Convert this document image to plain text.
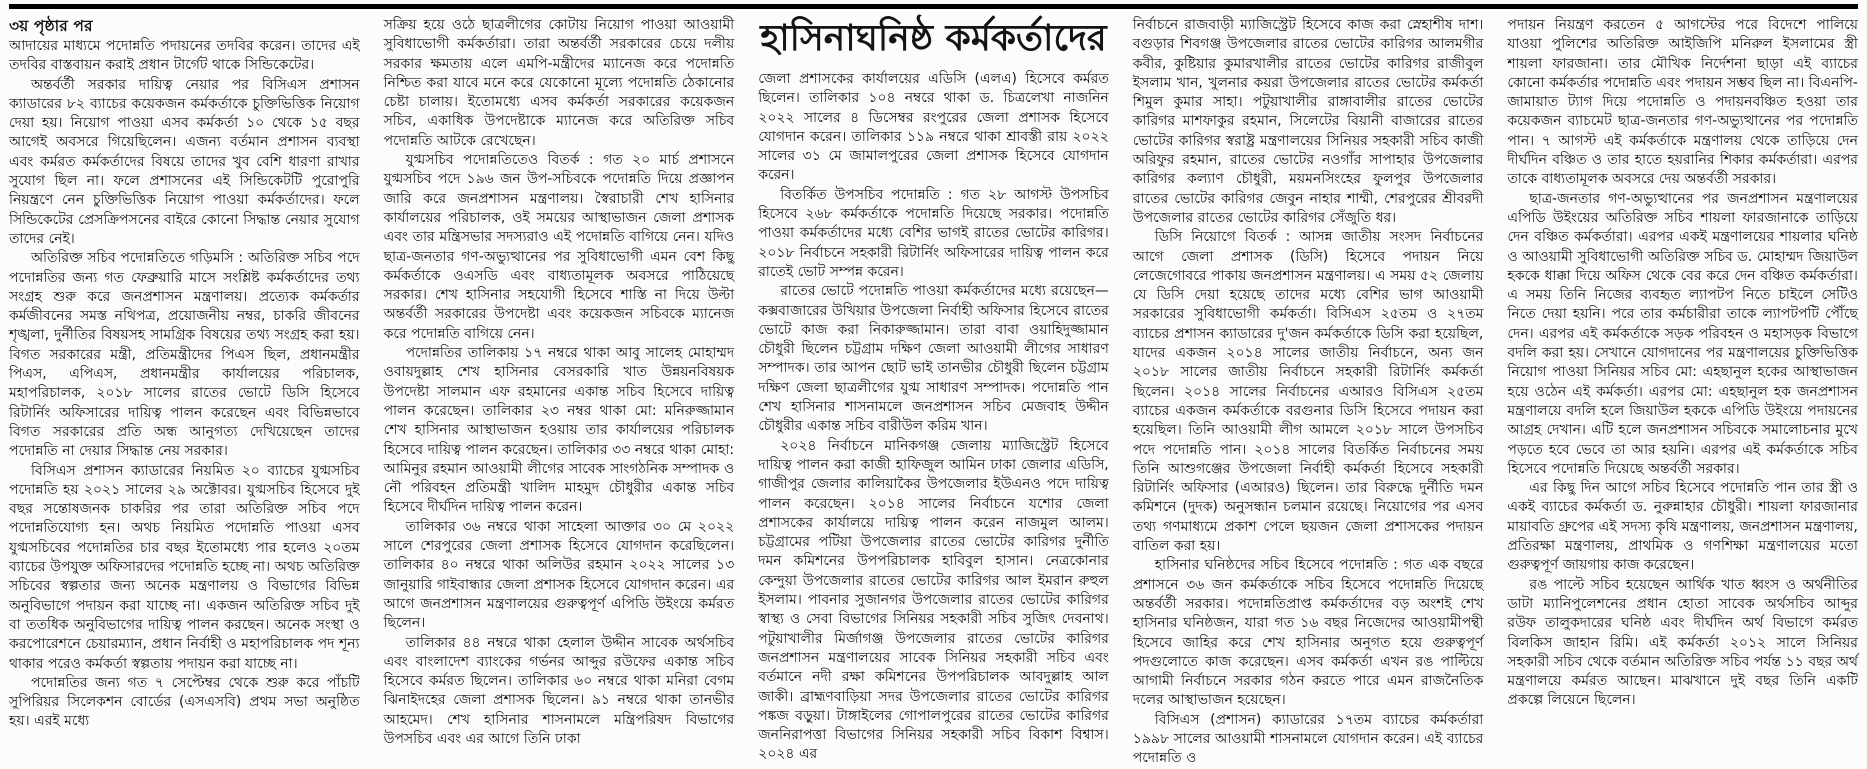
৩য় পৃষ্ঠার পর

আদায়ের মাধ্যমে পদোন্নতি পদায়নের তদবির করেন। তাদের এই তদবির বাস্তবায়ন করাই প্রধান টার্গেট থাকে সিন্ডিকেটের।

অন্তর্বর্তী সরকার দায়িত্ব নেয়ার পর বিসিএস প্রশাসন ক্যাডারের ৮২ ব্যাচের কয়েকজন কর্মকর্তাকে চুক্তিভিত্তিক নিয়োগ দেয়া হয়। নিয়োগ পাওয়া এসব কর্মকর্তা ১০ থেকে ১৫ বছর আগেই অবসরে গিয়েছিলেন। এজন্য বর্তমান প্রশাসন ব্যবস্থা এবং কর্মরত কর্মকর্তাদের বিষয়ে তাদের খুব বেশি ধারণা রাখার সুযোগ ছিল না। ফলে প্রশাসনের এই সিন্ডিকেটটি পুরোপুরি নিয়ন্ত্রণে নেন চুক্তিভিত্তিক নিয়োগ পাওয়া কর্মকর্তাদের। ফলে সিন্ডিকেটের প্রেসক্রিপসনের বাইরে কোনো সিদ্ধান্ত নেয়ার সুযোগ তাদের নেই।

অতিরিক্ত সচিব পদোন্নতিতে গড়িমসি : অতিরিক্ত সচিব পদে পদোন্নতির জন্য গত ফেব্রুয়ারি মাসে সংশ্লিষ্ট কর্মকর্তাদের তথ্য সংগ্রহ শুরু করে জনপ্রশাসন মন্ত্রণালয়। প্রত্যেক কর্মকর্তার কর্মজীবনের সমস্ত নথিপত্র, প্রয়োজনীয় নম্বর, চাকরি জীবনের শৃঙ্খলা, দুর্নীতির বিষয়সহ সামগ্রিক বিষয়ের তথ্য সংগ্রহ করা হয়। বিগত সরকারের মন্ত্রী, প্রতিমন্ত্রীদের পিএস ছিল, প্রধানমন্ত্রীর পিএস, এপিএস, প্রধানমন্ত্রীর কার্যালয়ের পরিচালক, মহাপরিচালক, ২০১৮ সালের রাতের ভোটে ডিসি হিসেবে রিটার্নিং অফিসারের দায়িত্ব পালন করেছেন এবং বিভিন্নভাবে বিগত সরকারের প্রতি অন্ধ আনুগত্য দেখিয়েছেন তাদের পদোন্নতি না দেয়ার সিদ্ধান্ত নেয় সরকার।

বিসিএস প্রশাসন ক্যাডারের নিয়মিত ২০ ব্যাচের যুগ্মসচিব পদোন্নতি হয় ২০২১ সালের ২৯ অক্টোবর। যুগ্মসচিব হিসেবে দুই বছর সন্তোষজনক চাকরির পর তারা অতিরিক্ত সচিব পদে পদোন্নতিযোগ্য হন। অথচ নিয়মিত পদোন্নতি পাওয়া এসব যুগ্মসচিবের পদোন্নতির চার বছর ইতোমধ্যে পার হলেও ২০তম ব্যাচের উপযুক্ত অফিসারদের পদোন্নতি হচ্ছে না। অথচ অতিরিক্ত সচিবের স্বল্পতার জন্য অনেক মন্ত্রণালয় ও বিভাগের বিভিন্ন অনুবিভাগে পদায়ন করা যাচ্ছে না। একজন অতিরিক্ত সচিব দুই বা ততধিক অনুবিভাগের দায়িত্ব পালন করছেন। অনেক সংস্থা ও করপোরেশনে চেয়ারম্যান, প্রধান নির্বাহী ও মহাপরিচালক পদ শূন্য থাকার পরেও কর্মকর্তা স্বল্পতায় পদায়ন করা যাচ্ছে না।

পদোন্নতির জন্য গত ৭ সেপ্টেম্বর থেকে শুরু করে পাঁচটি সুপিরিয়র সিলেকশন বোর্ডের (এসএসবি) প্রথম সভা অনুষ্ঠিত হয়। এরই মধ্যে

সক্রিয় হয়ে ওঠে ছাত্রলীগের কোটায় নিয়োগ পাওয়া আওয়ামী সুবিধাভোগী কর্মকর্তারা। তারা অন্তর্বর্তী সরকারের চেয়ে দলীয় সরকার ক্ষমতায় এলে এমপি-মন্ত্রীদের ম্যানেজ করে পদোন্নতি নিশ্চিত করা যাবে মনে করে যেকোনো মূল্যে পদোন্নতি ঠেকানোর চেষ্টা চালায়। ইতোমধ্যে এসব কর্মকর্তা সরকারের কয়েকজন সচিব, একাধিক উপদেষ্টাকে ম্যানেজ করে অতিরিক্ত সচিব পদোন্নতি আটকে রেখেছেন।

যুগ্মসচিব পদোন্নতিতেও বিতর্ক : গত ২০ মার্চ প্রশাসনে যুগ্মসচিব পদে ১৯৬ জন উপ-সচিবকে পদোন্নতি দিয়ে প্রজ্ঞাপন জারি করে জনপ্রশাসন মন্ত্রণালয়। স্বৈরাচারী শেখ হাসিনার কার্যালয়ের পরিচালক, ওই সময়ের আস্থাভাজন জেলা প্রশাসক এবং তার মন্ত্রিসভার সদস্যরাও এই পদোন্নতি বাগিয়ে নেন। যদিও ছাত্র-জনতার গণ-অভ্যুত্থানের পর সুবিধাভোগী এমন বেশ কিছু কর্মকর্তাকে ওএসডি এবং বাধ্যতামূলক অবসরে পাঠিয়েছে সরকার। শেখ হাসিনার সহযোগী হিসেবে শাস্তি না দিয়ে উল্টা অন্তর্বর্তী সরকারের উপদেষ্টা এবং কয়েকজন সচিবকে ম্যানেজ করে পদোন্নতি বাগিয়ে নেন।

পদোন্নতির তালিকায় ১৭ নম্বরে থাকা আবু সালেহ মোহাম্মদ ওবায়দুল্লাহ শেখ হাসিনার বেসরকারি খাত উন্নয়নবিষয়ক উপদেষ্টা সালমান এফ রহমানের একান্ত সচিব হিসেবে দায়িত্ব পালন করেছেন। তালিকার ২৩ নম্বর থাকা মো: মনিরুজ্জামান শেখ হাসিনার আস্থাভাজন হওয়ায় তার কার্যালয়ের পরিচালক হিসেবে দায়িত্ব পালন করেছেন। তালিকার ৩৩ নম্বরে থাকা মোহা: আমিনুর রহমান আওয়ামী লীগের সাবেক সাংগঠনিক সম্পাদক ও নৌ পরিবহন প্রতিমন্ত্রী খালিদ মাহমুদ চৌধুরীর একান্ত সচিব হিসেবে দীর্ঘদিন দায়িত্ব পালন করেন।

তালিকার ৩৬ নম্বরে থাকা সাহেলা আক্তার ৩০ মে ২০২২ সালে শেরপুরের জেলা প্রশাসক হিসেবে যোগদান করেছিলেন। তালিকার ৪০ নম্বরে থাকা অলিউর রহমান ২০২২ সালের ১৩ জানুয়ারি গাইবান্ধার জেলা প্রশাসক হিসেবে যোগদান করেন। এর আগে জনপ্রশাসন মন্ত্রণালয়ের গুরুত্বপূর্ণ এপিডি উইংয়ে কর্মরত ছিলেন।

তালিকার ৪৪ নম্বরে থাকা হেলাল উদ্দীন সাবেক অর্থসচিব এবং বাংলাদেশ ব্যাংকের গর্ভনর আব্দুর রউফের একান্ত সচিব হিসেবে কর্মরত ছিলেন। তালিকার ৬০ নম্বরে থাকা মনিরা বেগম ঝিনাইদহের জেলা প্রশাসক ছিলেন। ৯১ নম্বরে থাকা তানভীর আহমেদ। শেখ হাসিনার শাসনামলে মন্ত্রিপরিষদ বিভাগের উপসচিব এবং এর আগে তিনি ঢাকা

হাসিনাঘনিষ্ঠ কর্মকর্তাদের

জেলা প্রশাসকের কার্যালয়ের এডিসি (এলএ) হিসেবে কর্মরত ছিলেন। তালিকার ১০৪ নম্বরে থাকা ড. চিত্রলেখা নাজনিন ২০২২ সালের ৪ ডিসেম্বর রংপুরের জেলা প্রশাসক হিসেবে যোগদান করেন। তালিকার ১১৯ নম্বরে থাকা শ্রাবস্তী রায় ২০২২ সালের ৩১ মে জামালপুরের জেলা প্রশাসক হিসেবে যোগদান করেন।

বিতর্কিত উপসচিব পদোন্নতি : গত ২৮ আগস্ট উপসচিব হিসেবে ২৬৮ কর্মকর্তাকে পদোন্নতি দিয়েছে সরকার। পদোন্নতি পাওয়া কর্মকর্তাদের মধ্যে বেশির ভাগই রাতের ভোটের কারিগর। ২০১৮ নির্বাচনে সহকারী রিটার্নিং অফিসারের দায়িত্ব পালন করে রাতেই ভোট সম্পন্ন করেন।

রাতের ভোটে পদোন্নতি পাওয়া কর্মকর্তাদের মধ্যে রয়েছেন— কক্সবাজারের উখিয়ার উপজেলা নির্বাহী অফিসার হিসেবে রাতের ভোটে কাজ করা নিকারুজ্জামান। তারা বাবা ওয়াহিদুজ্জামান চৌধুরী ছিলেন চট্টগ্রাম দক্ষিণ জেলা আওয়ামী লীগের সাধারণ সম্পাদক। তার আপন ছোট ভাই তানভীর চৌধুরী ছিলেন চট্টগ্রাম দক্ষিণ জেলা ছাত্রলীগের যুগ্ম সাধারণ সম্পাদক। পদোন্নতি পান শেখ হাসিনার শাসনামলে জনপ্রশাসন সচিব মেজবাহ উদ্দীন চৌধুরীর একান্ত সচিব বারীউল করিম খান।

২০২৪ নির্বাচনে মানিকগঞ্জ জেলায় ম্যাজিস্ট্রেট হিসেবে দায়িত্ব পালন করা কাজী হাফিজুল আমিন ঢাকা জেলার এডিসি, গাজীপুর জেলার কালিয়াকৈর উপজেলার ইউএনও পদে দায়িত্ব পালন করেছেন। ২০১৪ সালের নির্বাচনে যশোর জেলা প্রশাসকের কার্যালয়ে দায়িত্ব পালন করেন নাজমুল আলম। চট্টগ্রামের পটিয়া উপজেলার রাতের ভোটের কারিগর দুর্নীতি দমন কমিশনের উপপরিচালক হাবিবুল হাসান। নেত্রকোনার কেন্দুয়া উপজেলার রাতের ভোটের কারিগর আল ইমরান রুহুল ইসলাম। পাবনার সুজানগর উপজেলার রাতের ভোটের কারিগর স্বাস্থ্য ও সেবা বিভাগের সিনিয়র সহকারী সচিব সুজিৎ দেবনাথ। পটুয়াখালীর মির্জাগঞ্জ উপজেলার রাতের ভোটের কারিগর জনপ্রশাসন মন্ত্রণালয়ের সাবেক সিনিয়র সহকারী সচিব এবং বর্তমানে নদী রক্ষা কমিশনের উপপরিচালক আবদুল্লাহ আল জাকী। ব্রাহ্মণবাড়িয়া সদর উপজেলার রাতের ভোটের কারিগর পঙ্কজ বড়ুয়া। টাঙ্গাইলের গোপালপুরের রাতের ভোটের কারিগর জননিরাপত্তা বিভাগের সিনিয়র সহকারী সচিব বিকাশ বিশ্বাস। ২০২৪ এর

নির্বাচনে রাজবাড়ী ম্যাজিস্ট্রেট হিসেবে কাজ করা স্নেহাশীষ দাশ। বগুড়ার শিবগঞ্জ উপজেলার রাতের ভোটের কারিগর আলমগীর কবীর, কুষ্টিয়ার কুমারখালীর রাতের ভোটের কারিগর রাজীবুল ইসলাম খান, খুলনার কয়রা উপজেলার রাতের ভোটের কর্মকর্তা শিমুল কুমার সাহা। পটুয়াখালীর রাঙ্গাবালীর রাতের ভোটের কারিগর মাশফাকুর রহমান, সিলেটের বিয়ানী বাজারের রাতের ভোটের কারিগর স্বরাষ্ট্র মন্ত্রণালয়ের সিনিয়র সহকারী সচিব কাজী অরিফুর রহমান, রাতের ভোটের নওগাঁর সাপাহার উপজেলার কারিগর কল্যাণ চৌধুরী, ময়মনসিংহের ফুলপুর উপজেলার রাতের ভোটের কারিগর জেবুন নাহার শাম্মী, শেরপুরের শ্রীবরদী উপজেলার রাতের ভোটের কারিগর সেঁজুতি ধর।

ডিসি নিয়োগে বিতর্ক : আসন্ন জাতীয় সংসদ নির্বাচনের আগে জেলা প্রশাসক (ডিসি) হিসেবে পদায়ন নিয়ে লেজেগোবরে পাকায় জনপ্রশাসন মন্ত্রণালয়। এ সময় ৫২ জেলায় যে ডিসি দেয়া হয়েছে তাদের মধ্যে বেশির ভাগ আওয়ামী সরকারের সুবিধাভোগী কর্মকর্তা। বিসিএস ২৫তম ও ২৭তম ব্যাচের প্রশাসন ক্যাডারের দু'জন কর্মকর্তাকে ডিসি করা হয়েছিল, যাদের একজন ২০১৪ সালের জাতীয় নির্বাচনে, অন্য জন ২০১৮ সালের জাতীয় নির্বাচনে সহকারী রিটার্নিং কর্মকর্তা ছিলেন। ২০১৪ সালের নির্বাচনের এআরও বিসিএস ২৫তম ব্যাচের একজন কর্মকর্তাকে বরগুনার ডিসি হিসেবে পদায়ন করা হয়েছিল। তিনি আওয়ামী লীগ আমলে ২০১৮ সালে উপসচিব পদে পদোন্নতি পান। ২০১৪ সালের বিতর্কিত নির্বাচনের সময় তিনি আশুগঞ্জের উপজেলা নির্বাহী কর্মকর্তা হিসেবে সহকারী রিটার্নিং অফিসার (এআরও) ছিলেন। তার বিরুদ্ধে দুর্নীতি দমন কমিশনে (দুদক) অনুসন্ধান চলমান রয়েছে। নিয়োগের পর এসব তথ্য গণমাধ্যমে প্রকাশ পেলে ছয়জন জেলা প্রশাসকের পদায়ন বাতিল করা হয়।

হাসিনার ঘনিষ্ঠদের সচিব হিসেবে পদোন্নতি : গত এক বছরে প্রশাসনে ৩৬ জন কর্মকর্তাকে সচিব হিসেবে পদোন্নতি দিয়েছে অন্তর্বর্তী সরকার। পদোন্নতিপ্রাপ্ত কর্মকর্তাদের বড় অংশই শেখ হাসিনার ঘনিষ্ঠজন, যারা গত ১৬ বছর নিজেদের আওয়ামীপন্থী হিসেবে জাহির করে শেখ হাসিনার অনুগত হয়ে গুরুত্বপূর্ণ পদগুলোতে কাজ করেছেন। এসব কর্মকর্তা এখন রঙ পাল্টিয়ে আগামী নির্বাচনে সরকার গঠন করতে পারে এমন রাজনৈতিক দলের আস্থাভাজন হয়েছেন।

বিসিএস (প্রশাসন) ক্যাডারের ১৭তম ব্যাচের কর্মকর্তারা ১৯৯৮ সালের আওয়ামী শাসনামলে যোগদান করেন। এই ব্যাচের পদোন্নতি ও

পদায়ন নিয়ন্ত্রণ করতেন ৫ আগস্টের পরে বিদেশে পালিয়ে যাওয়া পুলিশের অতিরিক্ত আইজিপি মনিরুল ইসলামের স্ত্রী শায়লা ফারজানা। তার মৌখিক নির্দেশনা ছাড়া এই ব্যাচের কোনো কর্মকর্তার পদোন্নতি এবং পদায়ন সম্ভব ছিল না। বিএনপি-জামায়াত ট্যাগ দিয়ে পদোন্নতি ও পদায়নবঞ্চিত হওয়া তার কয়েকজন ব্যাচমেট ছাত্র-জনতার গণ-অভ্যুত্থানের পর পদোন্নতি পান। ৭ আগস্ট এই কর্মকর্তাকে মন্ত্রণালয় থেকে তাড়িয়ে দেন দীর্ঘদিন বঞ্চিত ও তার হাতে হয়রানির শিকার কর্মকর্তারা। এরপর তাকে বাধ্যতামূলক অবসরে দেয় অন্তর্বর্তী সরকার।

ছাত্র-জনতার গণ-অভ্যুত্থানের পর জনপ্রশাসন মন্ত্রণালয়ের এপিডি উইংয়ের অতিরিক্ত সচিব শায়লা ফারজানাকে তাড়িয়ে দেন বঞ্চিত কর্মকর্তারা। এরপর একই মন্ত্রণালয়ের শায়লার ঘনিষ্ঠ ও আওয়ামী সুবিধাভোগী অতিরিক্ত সচিব ড. মোহাম্মদ জিয়াউল হককে ধাক্কা দিয়ে অফিস থেকে বের করে দেন বঞ্চিত কর্মকর্তারা। এ সময় তিনি নিজের ব্যবহৃত ল্যাপটপ নিতে চাইলে সেটিও নিতে দেয়া হয়নি। পরে তার কর্মচারীরা তাকে ল্যাপটপটি পৌঁছে দেন। এরপর এই কর্মকর্তাকে সড়ক পরিবহন ও মহাসড়ক বিভাগে বদলি করা হয়। সেখানে যোগদানের পর মন্ত্রণালয়ের চুক্তিভিত্তিক নিয়োগ পাওয়া সিনিয়র সচিব মো: এহছানুল হকের আস্থাভাজন হয়ে ওঠেন এই কর্মকর্তা। এরপর মো: এহছানুল হক জনপ্রশাসন মন্ত্রণালয়ে বদলি হলে জিয়াউল হককে এপিডি উইংয়ে পদায়নের আগ্রহ দেখান। এটি হলে জনপ্রশাসন সচিবকে সমালোচনার মুখে পড়তে হবে ভেবে তা আর হয়নি। এরপর এই কর্মকর্তাকে সচিব হিসেবে পদোন্নতি দিয়েছে অন্তর্বর্তী সরকার।

এর কিছু দিন আগে সচিব হিসেবে পদোন্নতি পান তার স্ত্রী ও একই ব্যাচের কর্মকর্তা ড. নুরুন্নাহার চৌধুরী। শায়লা ফারজানার মায়াবতি গ্রুপের এই সদস্য কৃষি মন্ত্রণালয়, জনপ্রশাসন মন্ত্রণালয়, প্রতিরক্ষা মন্ত্রণালয়, প্রাথমিক ও গণশিক্ষা মন্ত্রণালয়ের মতো গুরুত্বপূর্ণ জায়গায় কাজ করেছেন।

রঙ পাল্টে সচিব হয়েছেন আর্থিক খাত ধ্বংস ও অর্থনীতির ডাটা ম্যানিপুলেশনের প্রধান হোতা সাবেক অর্থসচিব আব্দুর রউফ তালুকদারের ঘনিষ্ঠ এবং দীর্ঘদিন অর্থ বিভাগে কর্মরত বিলকিস জাহান রিমি। এই কর্মকর্তা ২০১২ সালে সিনিয়র সহকারী সচিব থেকে বর্তমান অতিরিক্ত সচিব পর্যন্ত ১১ বছর অর্থ মন্ত্রণালয়ে কর্মরত আছেন। মাঝখানে দুই বছর তিনি একটি প্রকল্পে লিয়েনে ছিলেন।
